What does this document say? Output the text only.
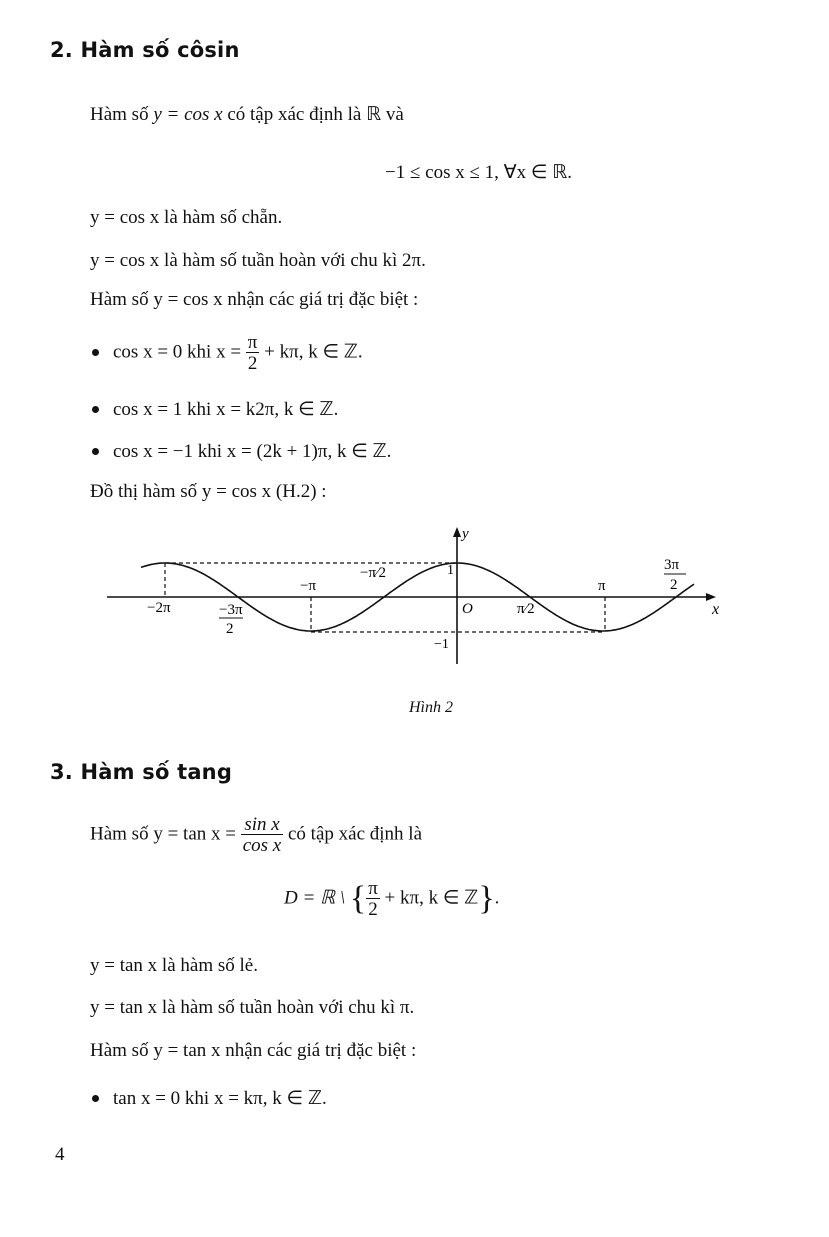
2. Hàm số côsin
Hàm số y = cos x có tập xác định là ℝ và
−1 ≤ cos x ≤ 1, ∀x ∈ ℝ.
y = cos x là hàm số chẵn.
y = cos x là hàm số tuần hoàn với chu kì 2π.
Hàm số y = cos x nhận các giá trị đặc biệt :
cos x = 0 khi $x = \frac{\pi}{2} + k\pi$, k ∈ ℤ.
cos x = 1 khi x = k2π, k ∈ ℤ.
cos x = −1 khi x = (2k + 1)π, k ∈ ℤ.
Đồ thị hàm số y = cos x (H.2) :
y
x
O
1
−1
−2π	−3π
2
−π
−π⁄2
π⁄2
π
3π
2
Hình 2
3. Hàm số tang
Hàm số $y = \tan x = \frac{\text{sin x}}{\text{cos x}}$ có tập xác định là
D = ℝ \ { $\frac{\pi}{2} + k\pi$, k ∈ ℤ}.
y = tan x là hàm số lẻ.
y = tan x là hàm số tuần hoàn với chu kì π.
Hàm số y = tan x nhận các giá trị đặc biệt :
tan x = 0 khi x = kπ, k ∈ ℤ.
4
